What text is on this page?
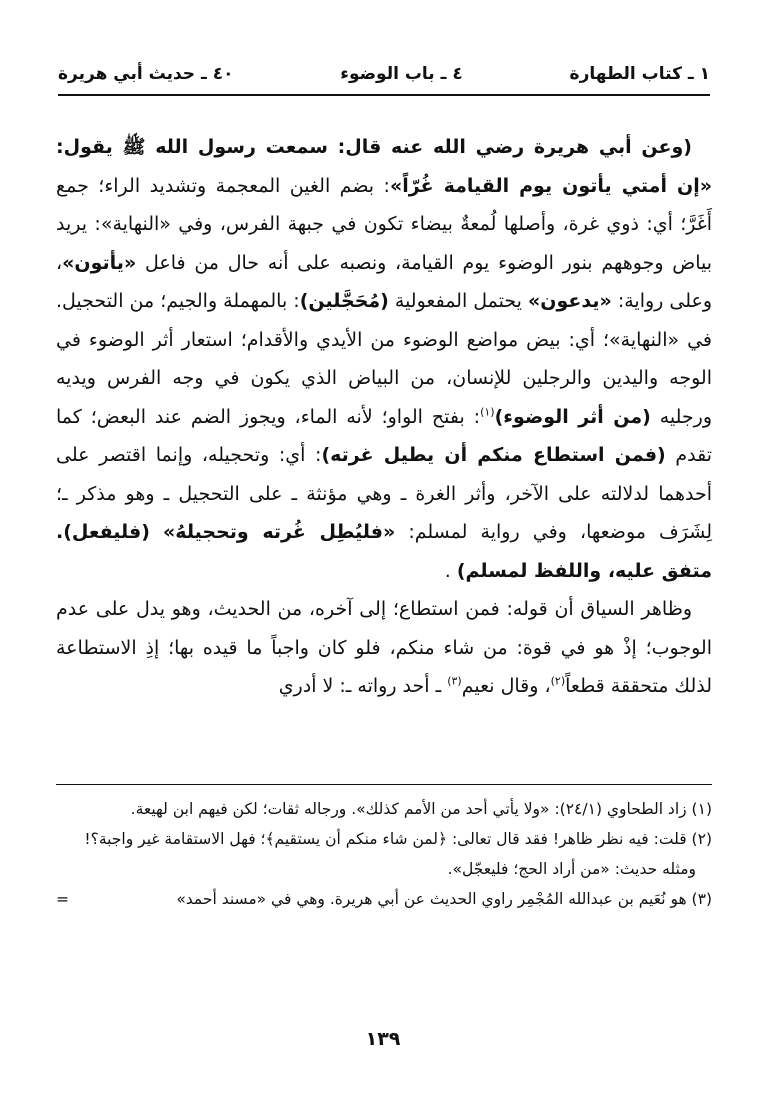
١ ـ كتاب الطهارة
٤ ـ باب الوضوء
٤٠ ـ حديث أبي هريرة

(وعن أبي هريرة رضي الله عنه قال: سمعت رسول الله ﷺ يقول: «إن أمتي يأتون يوم القيامة غُرّاً»: بضم الغين المعجمة وتشديد الراء؛ جمع أَغَرَّ؛ أي: ذوي غرة، وأصلها لُمعةٌ بيضاء تكون في جبهة الفرس، وفي «النهاية»: يريد بياض وجوههم بنور الوضوء يوم القيامة، ونصبه على أنه حال من فاعل «يأتون»، وعلى رواية: «يدعون» يحتمل المفعولية (مُحَجَّلين): بالمهملة والجيم؛ من التحجيل. في «النهاية»؛ أي: بيض مواضع الوضوء من الأيدي والأقدام؛ استعار أثر الوضوء في الوجه واليدين والرجلين للإنسان، من البياض الذي يكون في وجه الفرس ويديه ورجليه (من أثر الوضوء)$^{(١)}$: بفتح الواو؛ لأنه الماء، ويجوز الضم عند البعض؛ كما تقدم (فمن استطاع منكم أن يطيل غرته): أي: وتحجيله، وإنما اقتصر على أحدهما لدلالته على الآخر، وأثر الغرة ـ وهي مؤنثة ـ على التحجيل ـ وهو مذكر ـ؛ لِشَرَف موضعها، وفي رواية لمسلم: «فليُطِل غُرته وتحجيلهُ» (فليفعل). متفق عليه، واللفظ لمسلم) .

وظاهر السياق أن قوله: فمن استطاع؛ إلى آخره، من الحديث، وهو يدل على عدم الوجوب؛ إذْ هو في قوة: من شاء منكم، فلو كان واجباً ما قيده بها؛ إذِ الاستطاعة لذلك متحققة قطعاً$^{(٢)}$، وقال نعيم$^{(٣)}$ ـ أحد رواته ـ: لا أدري

(١) زاد الطحاوي (٢٤/١): «ولا يأتي أحد من الأمم كذلك». ورجاله ثقات؛ لكن فيهم ابن لهيعة.

(٢) قلت: فيه نظر ظاهر! فقد قال تعالى: ﴿لمن شاء منكم أن يستقيم﴾؛ فهل الاستقامة غير واجبة؟!

ومثله حديث: «من أراد الحج؛ فليعجّل».

(٣) هو نُعَيم بن عبدالله المُجْمِر راوي الحديث عن أبي هريرة. وهي في «مسند أحمد»
=

١٣٩
